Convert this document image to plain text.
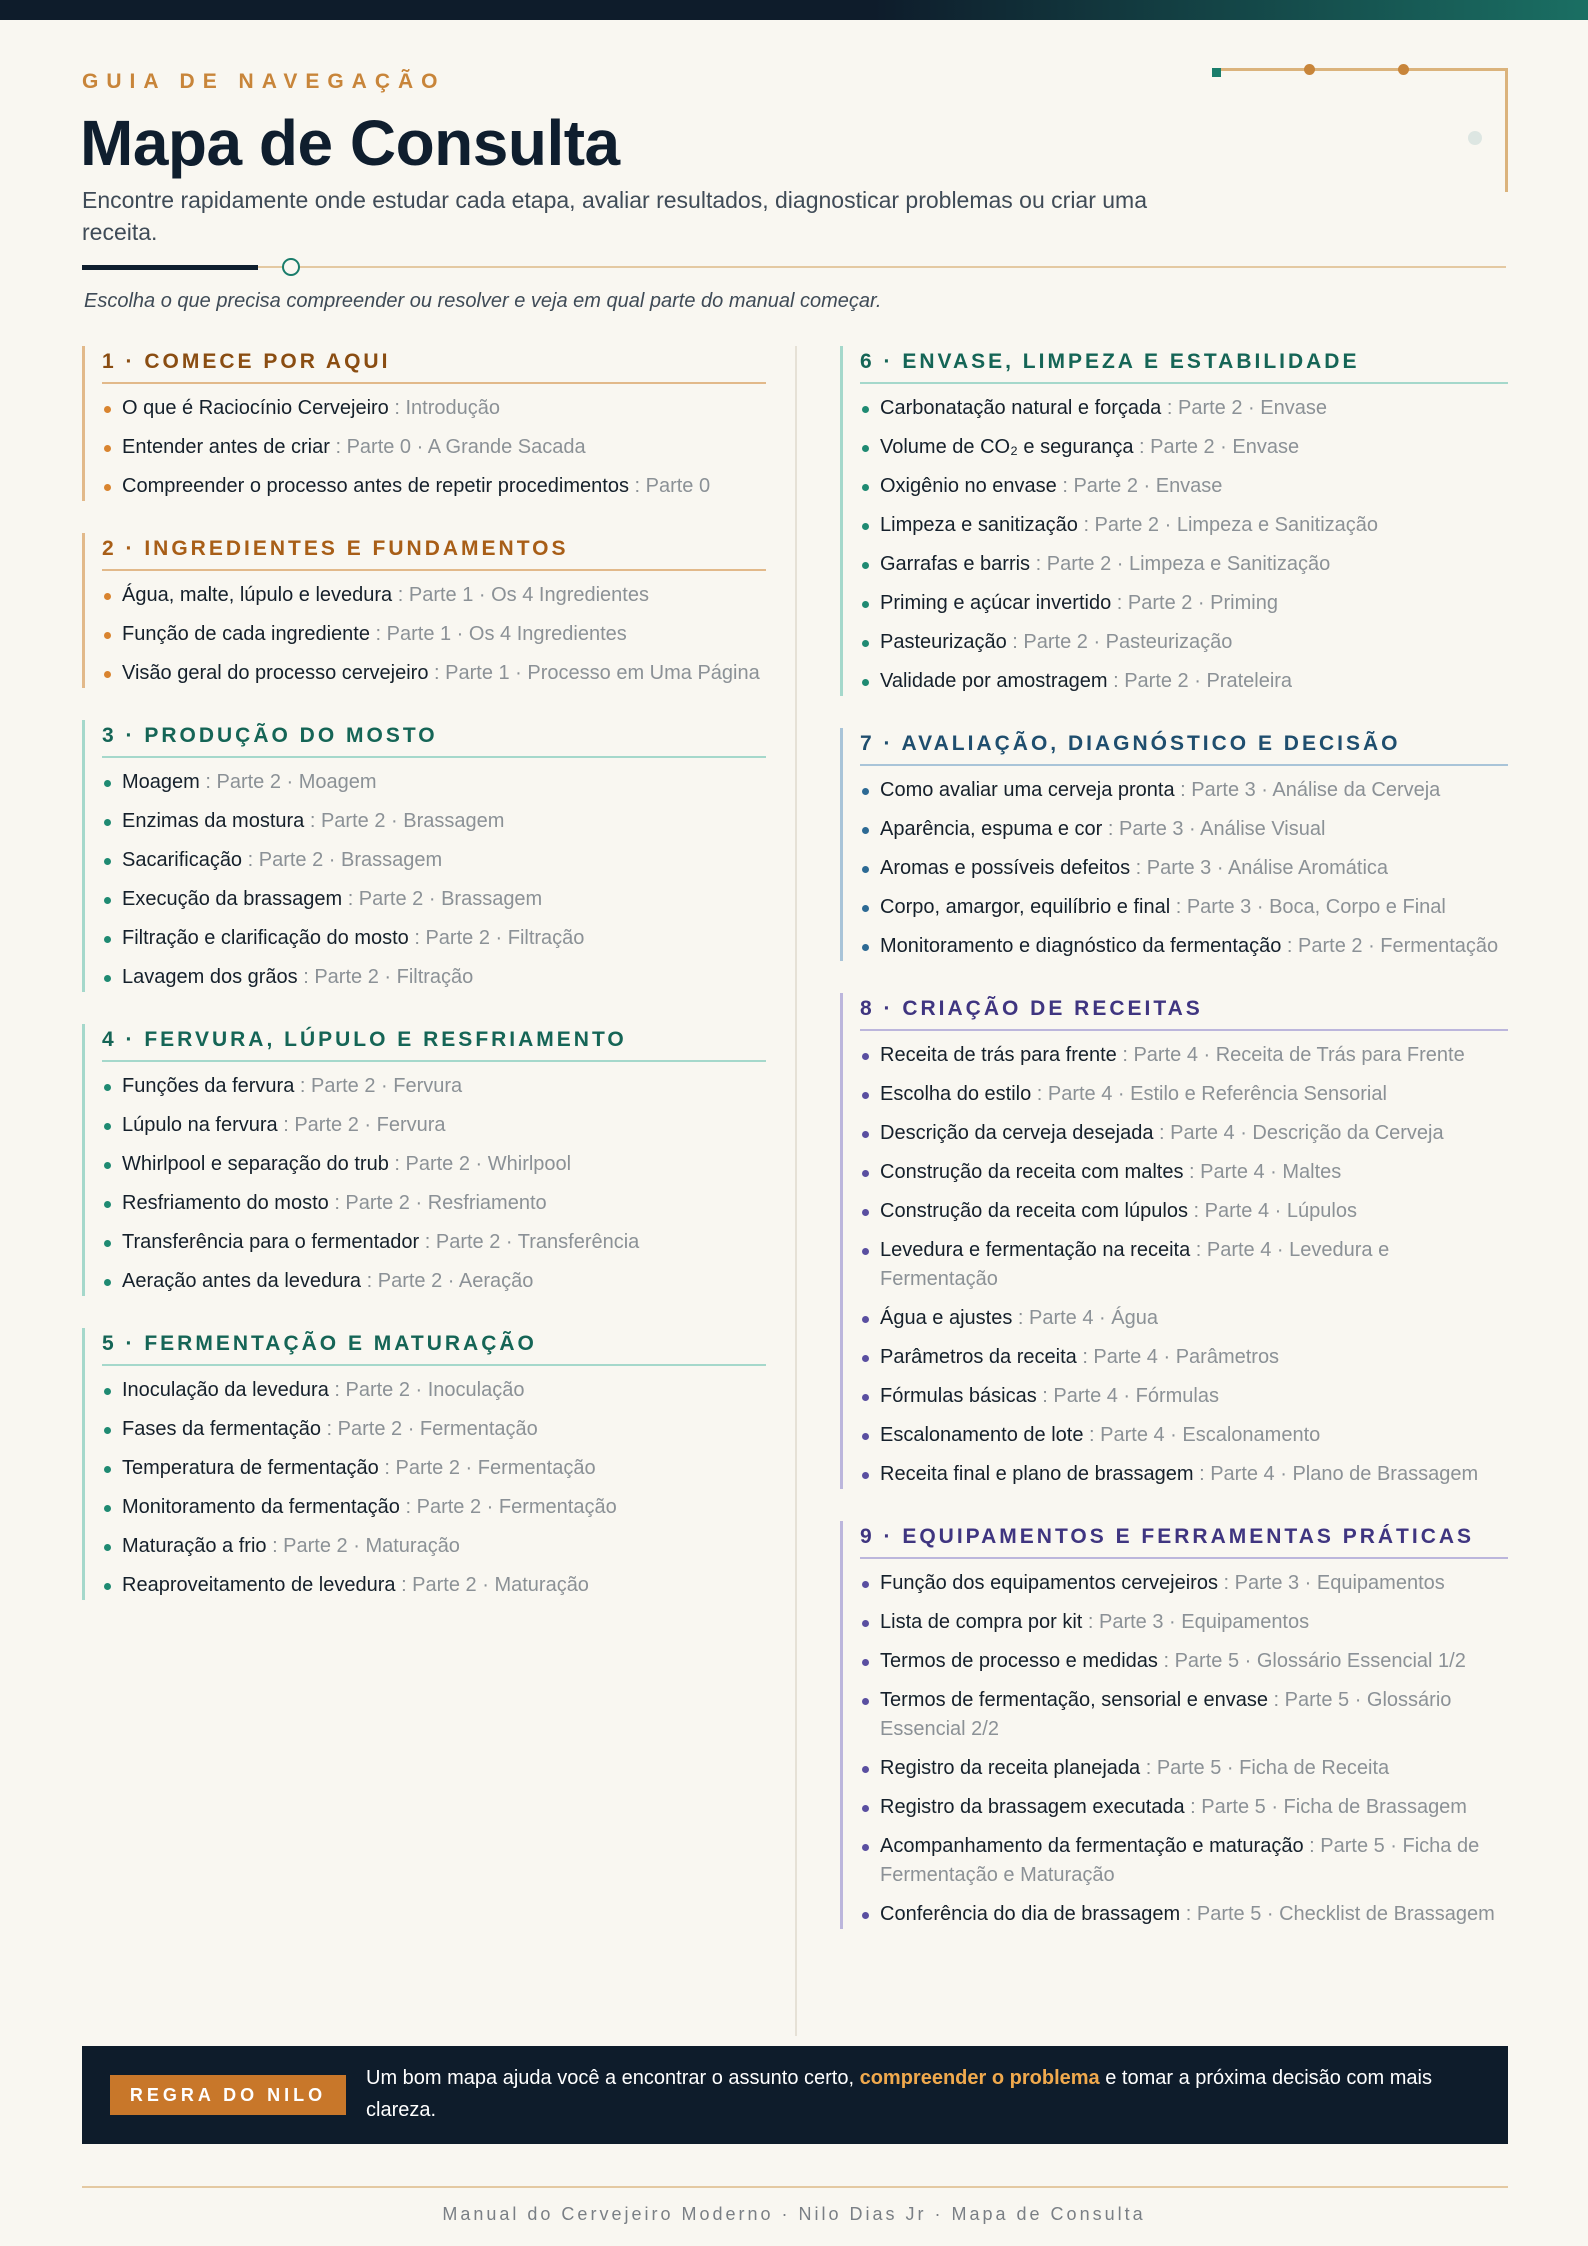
GUIA DE NAVEGAÇÃO
Mapa de Consulta

Encontre rapidamente onde estudar cada etapa, avaliar resultados, diagnosticar problemas ou criar uma receita.

Escolha o que precisa compreender ou resolver e veja em qual parte do manual começar.

1 · COMECE POR AQUI
O que é Raciocínio Cervejeiro : Introdução
Entender antes de criar : Parte 0 · A Grande Sacada
Compreender o processo antes de repetir procedimentos : Parte 0
2 · INGREDIENTES E FUNDAMENTOS
Água, malte, lúpulo e levedura : Parte 1 · Os 4 Ingredientes
Função de cada ingrediente : Parte 1 · Os 4 Ingredientes
Visão geral do processo cervejeiro : Parte 1 · Processo em Uma Página
3 · PRODUÇÃO DO MOSTO
Moagem : Parte 2 · Moagem
Enzimas da mostura : Parte 2 · Brassagem
Sacarificação : Parte 2 · Brassagem
Execução da brassagem : Parte 2 · Brassagem
Filtração e clarificação do mosto : Parte 2 · Filtração
Lavagem dos grãos : Parte 2 · Filtração
4 · FERVURA, LÚPULO E RESFRIAMENTO
Funções da fervura : Parte 2 · Fervura
Lúpulo na fervura : Parte 2 · Fervura
Whirlpool e separação do trub : Parte 2 · Whirlpool
Resfriamento do mosto : Parte 2 · Resfriamento
Transferência para o fermentador : Parte 2 · Transferência
Aeração antes da levedura : Parte 2 · Aeração
5 · FERMENTAÇÃO E MATURAÇÃO
Inoculação da levedura : Parte 2 · Inoculação
Fases da fermentação : Parte 2 · Fermentação
Temperatura de fermentação : Parte 2 · Fermentação
Monitoramento da fermentação : Parte 2 · Fermentação
Maturação a frio : Parte 2 · Maturação
Reaproveitamento de levedura : Parte 2 · Maturação
6 · ENVASE, LIMPEZA E ESTABILIDADE
Carbonatação natural e forçada : Parte 2 · Envase
Volume de CO₂ e segurança : Parte 2 · Envase
Oxigênio no envase : Parte 2 · Envase
Limpeza e sanitização : Parte 2 · Limpeza e Sanitização
Garrafas e barris : Parte 2 · Limpeza e Sanitização
Priming e açúcar invertido : Parte 2 · Priming
Pasteurização : Parte 2 · Pasteurização
Validade por amostragem : Parte 2 · Prateleira
7 · AVALIAÇÃO, DIAGNÓSTICO E DECISÃO
Como avaliar uma cerveja pronta : Parte 3 · Análise da Cerveja
Aparência, espuma e cor : Parte 3 · Análise Visual
Aromas e possíveis defeitos : Parte 3 · Análise Aromática
Corpo, amargor, equilíbrio e final : Parte 3 · Boca, Corpo e Final
Monitoramento e diagnóstico da fermentação : Parte 2 · Fermentação
8 · CRIAÇÃO DE RECEITAS
Receita de trás para frente : Parte 4 · Receita de Trás para Frente
Escolha do estilo : Parte 4 · Estilo e Referência Sensorial
Descrição da cerveja desejada : Parte 4 · Descrição da Cerveja
Construção da receita com maltes : Parte 4 · Maltes
Construção da receita com lúpulos : Parte 4 · Lúpulos
Levedura e fermentação na receita : Parte 4 · Levedura e Fermentação
Água e ajustes : Parte 4 · Água
Parâmetros da receita : Parte 4 · Parâmetros
Fórmulas básicas : Parte 4 · Fórmulas
Escalonamento de lote : Parte 4 · Escalonamento
Receita final e plano de brassagem : Parte 4 · Plano de Brassagem
9 · EQUIPAMENTOS E FERRAMENTAS PRÁTICAS
Função dos equipamentos cervejeiros : Parte 3 · Equipamentos
Lista de compra por kit : Parte 3 · Equipamentos
Termos de processo e medidas : Parte 5 · Glossário Essencial 1/2
Termos de fermentação, sensorial e envase : Parte 5 · Glossário Essencial 2/2
Registro da receita planejada : Parte 5 · Ficha de Receita
Registro da brassagem executada : Parte 5 · Ficha de Brassagem
Acompanhamento da fermentação e maturação : Parte 5 · Ficha de Fermentação e Maturação
Conferência do dia de brassagem : Parte 5 · Checklist de Brassagem
REGRA DO NILO

Um bom mapa ajuda você a encontrar o assunto certo, compreender o problema e tomar a próxima decisão com mais clareza.

Manual do Cervejeiro Moderno · Nilo Dias Jr · Mapa de Consulta
